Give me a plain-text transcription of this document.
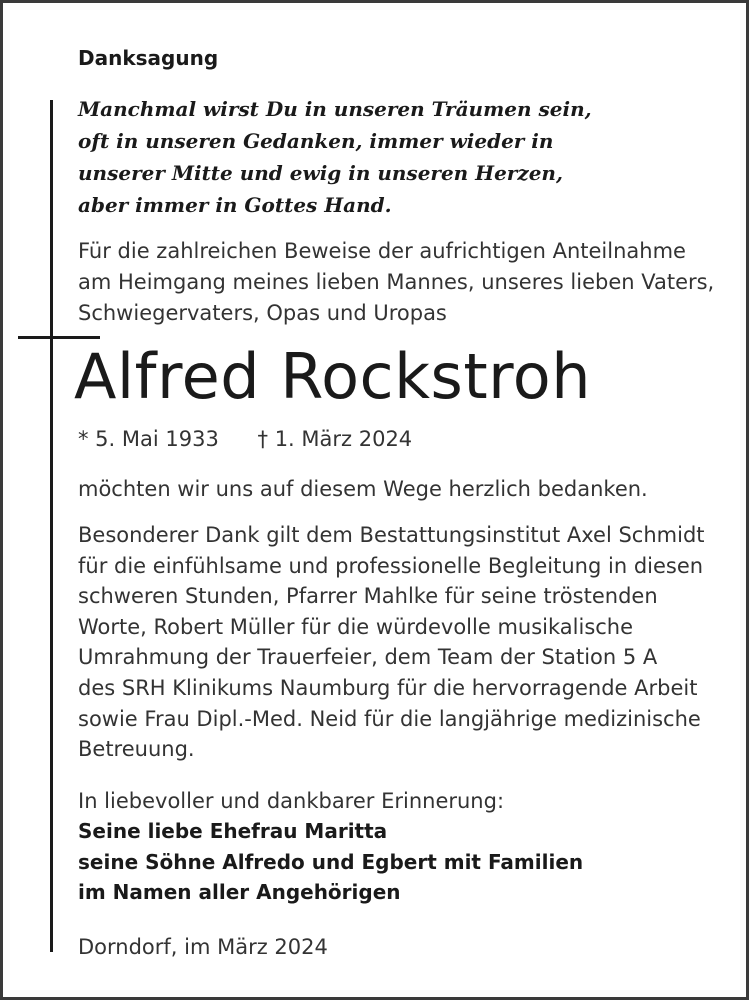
Danksagung
Manchmal wirst Du in unseren Träumen sein,
oft in unseren Gedanken, immer wieder in
unserer Mitte und ewig in unseren Herzen,
aber immer in Gottes Hand.
Für die zahlreichen Beweise der aufrichtigen Anteilnahme
am Heimgang meines lieben Mannes, unseres lieben Vaters,
Schwiegervaters, Opas und Uropas
Alfred Rockstroh
* 5. Mai 1933 † 1. März 2024
möchten wir uns auf diesem Wege herzlich bedanken.
Besonderer Dank gilt dem Bestattungsinstitut Axel Schmidt
für die einfühlsame und professionelle Begleitung in diesen
schweren Stunden, Pfarrer Mahlke für seine tröstenden
Worte, Robert Müller für die würdevolle musikalische
Umrahmung der Trauerfeier, dem Team der Station 5 A
des SRH Klinikums Naumburg für die hervorragende Arbeit
sowie Frau Dipl.-Med. Neid für die langjährige medizinische
Betreuung.
In liebevoller und dankbarer Erinnerung:
Seine liebe Ehefrau Maritta
seine Söhne Alfredo und Egbert mit Familien
im Namen aller Angehörigen
Dorndorf, im März 2024
